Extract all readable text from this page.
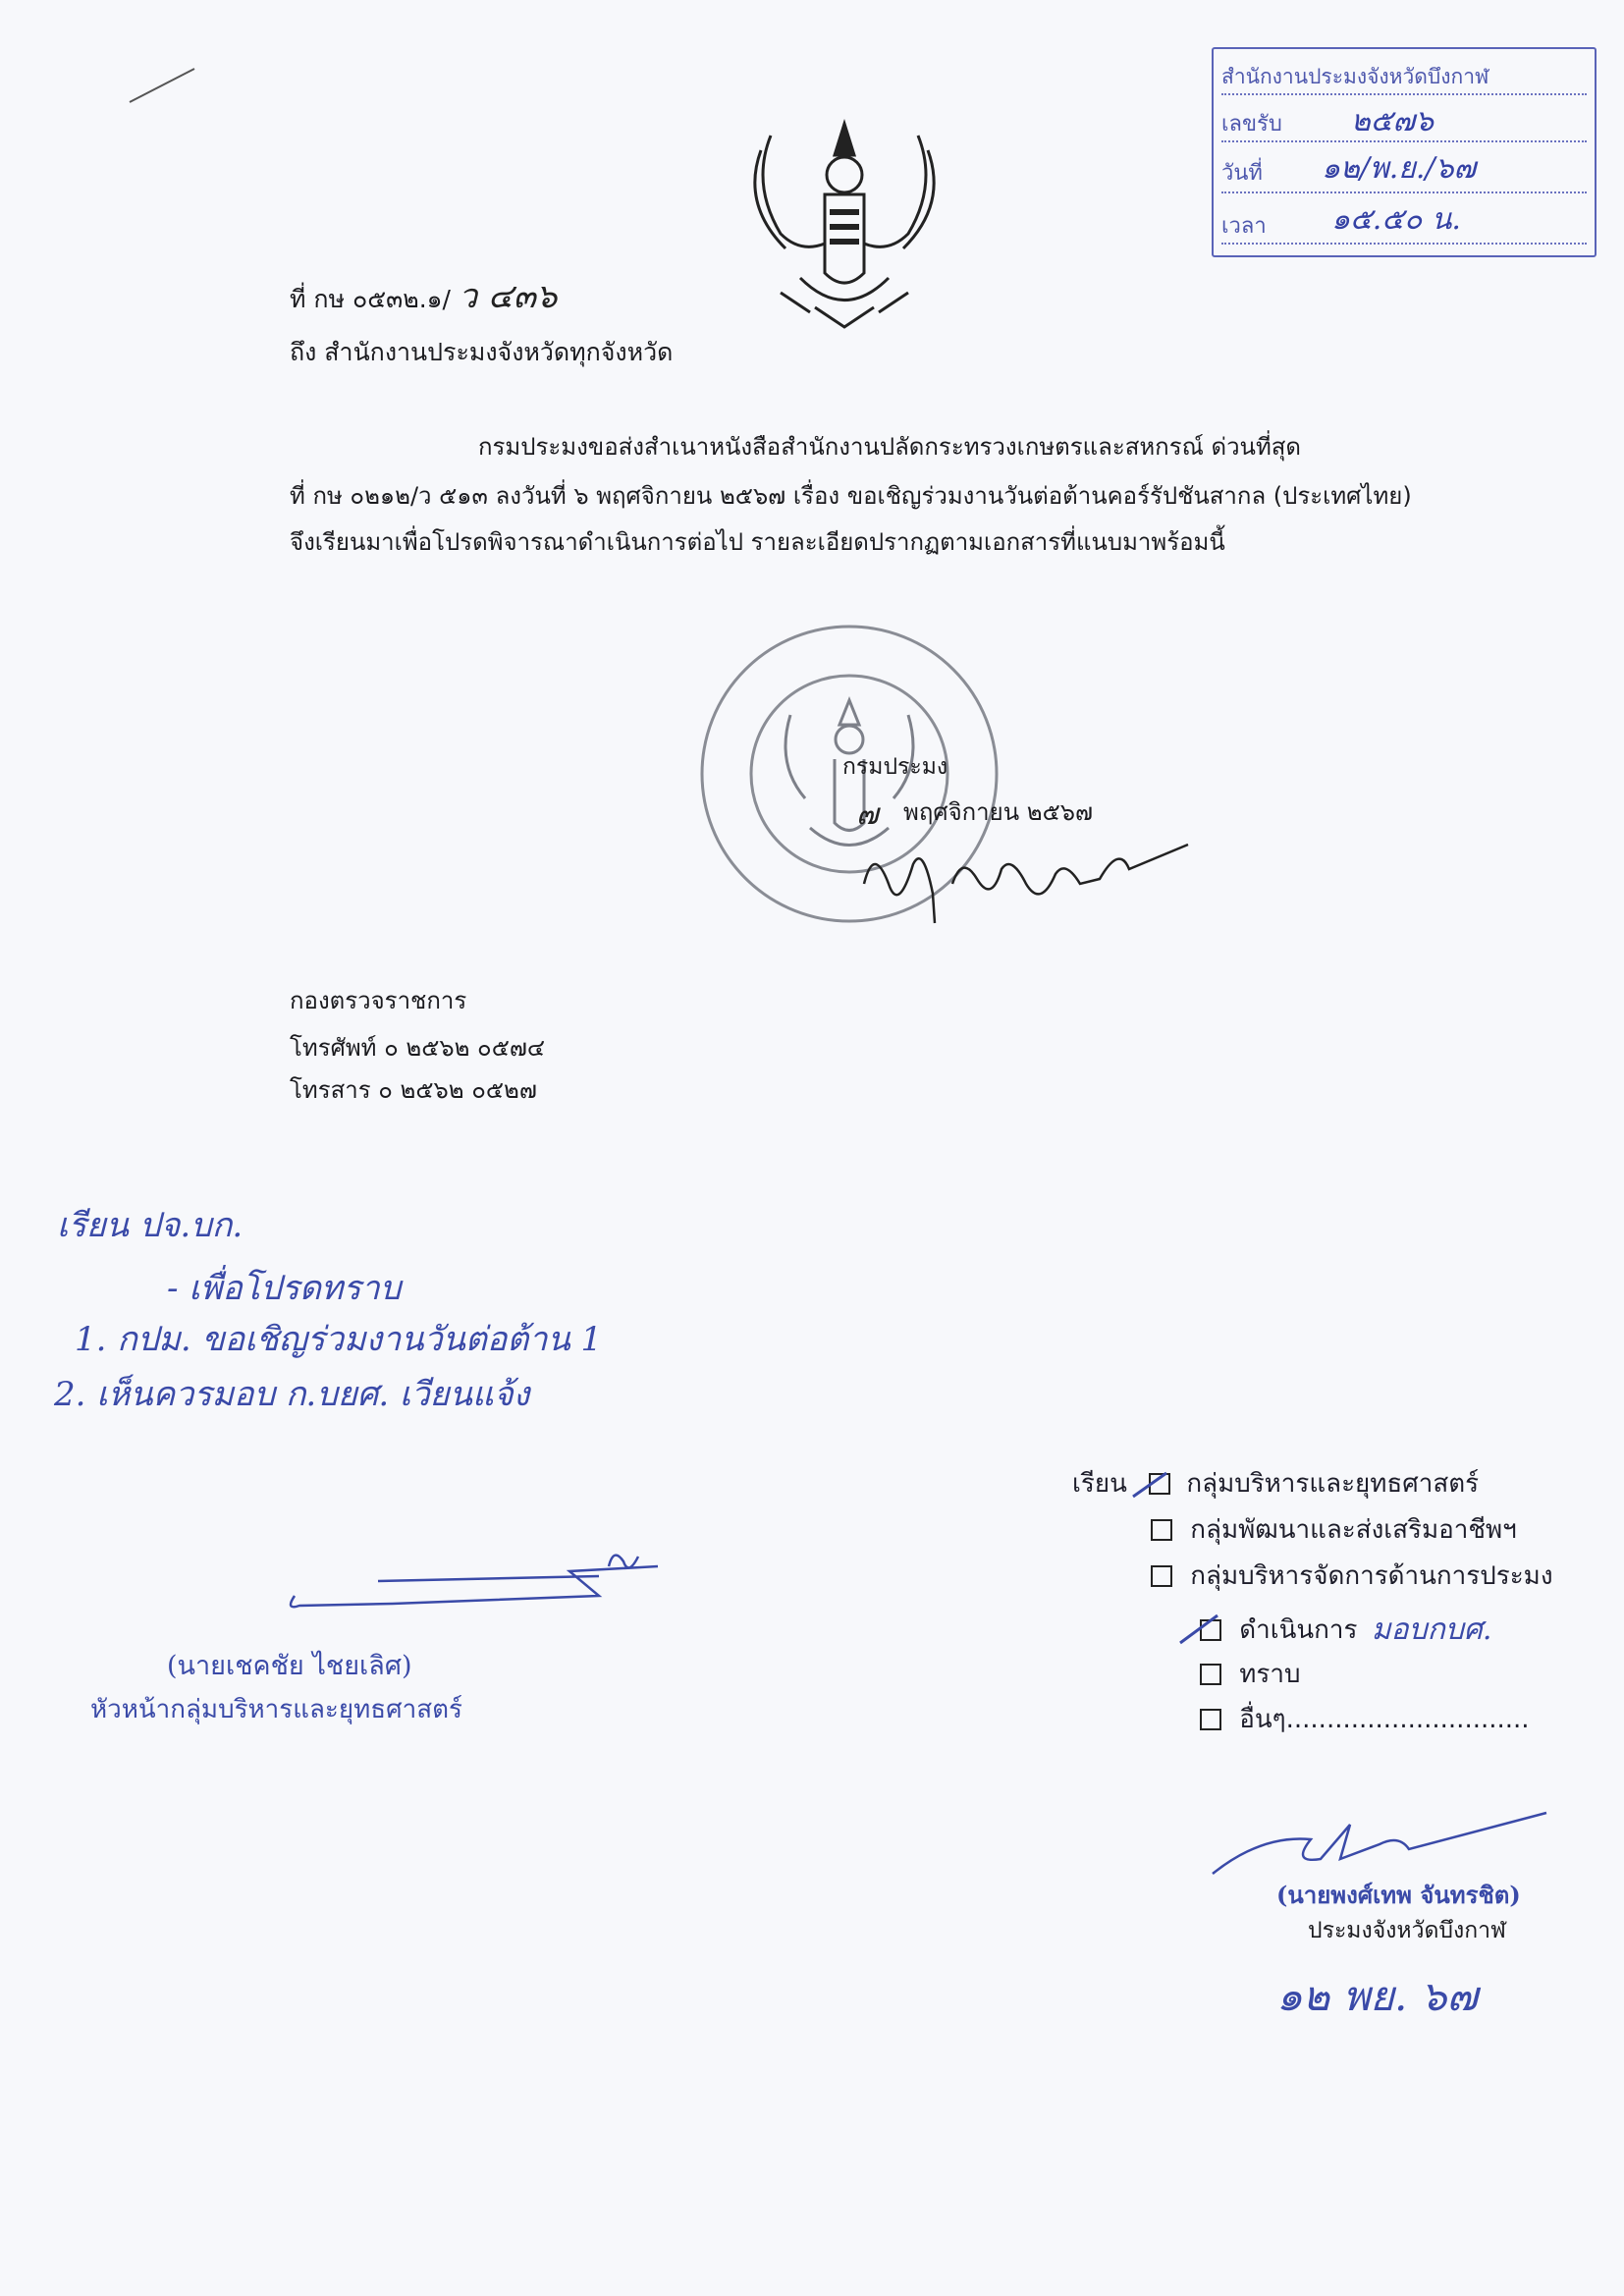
สำนักงานประมงจังหวัดบึงกาฬ
เลขรับ ๒๕๗๖
วันที่ ๑๒/พ.ย./๖๗
เวลา ๑๕.๕๐ น.
ที่ กษ ๐๕๓๒.๑/ ว ๔๓๖
ถึง สำนักงานประมงจังหวัดทุกจังหวัด
กรมประมงขอส่งสำเนาหนังสือสำนักงานปลัดกระทรวงเกษตรและสหกรณ์ ด่วนที่สุด
ที่ กษ ๐๒๑๒/ว ๕๑๓ ลงวันที่ ๖ พฤศจิกายน ๒๕๖๗ เรื่อง ขอเชิญร่วมงานวันต่อต้านคอร์รัปชันสากล (ประเทศไทย)
จึงเรียนมาเพื่อโปรดพิจารณาดำเนินการต่อไป รายละเอียดปรากฏตามเอกสารที่แนบมาพร้อมนี้
กรมประมง
๗ พฤศจิกายน ๒๕๖๗
กองตรวจราชการ
โทรศัพท์ ๐ ๒๕๖๒ ๐๕๗๔
โทรสาร ๐ ๒๕๖๒ ๐๕๒๗
เรียน ปจ.บก.
- เพื่อโปรดทราบ
1. กปม. ขอเชิญร่วมงานวันต่อต้าน 1
2. เห็นควรมอบ ก.บยศ. เวียนแจ้ง
(นายเชคชัย ไชยเลิศ)
หัวหน้ากลุ่มบริหารและยุทธศาสตร์
เรียน กลุ่มบริหารและยุทธศาสตร์
กลุ่มพัฒนาและส่งเสริมอาชีพฯ
กลุ่มบริหารจัดการด้านการประมง
ดำเนินการ มอบกบศ.
ทราบ
อื่นๆ..............................
(นายพงศ์เทพ จันทรชิต)
ประมงจังหวัดบึงกาฬ
๑๒ พย. ๖๗
